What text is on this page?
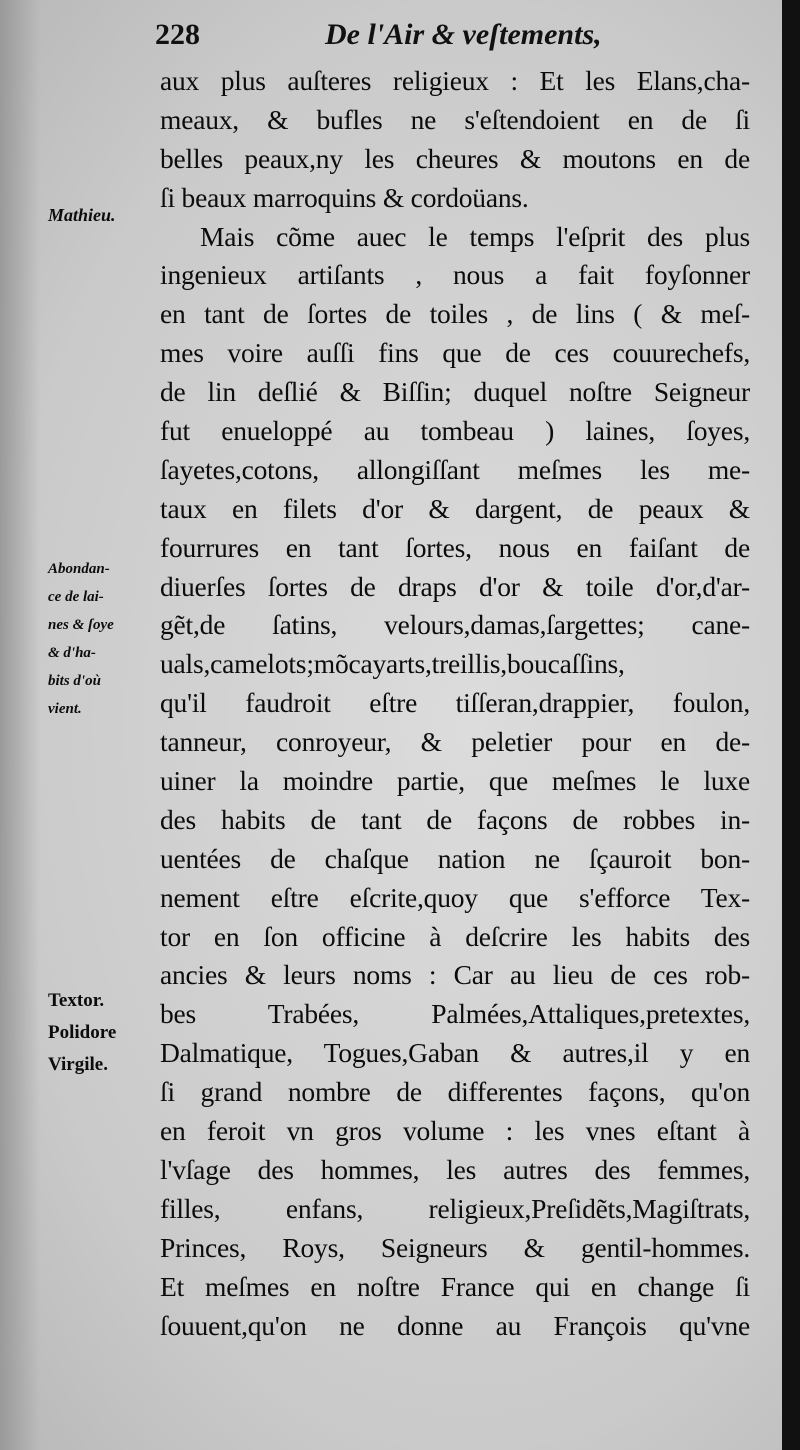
228	De l'Air & veſtements,
Mathieu.
Abondan-
ce de lai-
nes & ſoye
& d'ha-
bits d'où
vient.
Textor.
Polidore
Virgile.
aux plus auſteres religieux : Et les Elans,cha-
meaux, & bufles ne s'eſtendoient en de ſi
belles peaux,ny les cheures & moutons en de
ſi beaux marroquins & cordoüans.
Mais cõme auec le temps l'eſprit des plus
ingenieux artiſants , nous a fait foyſonner
en tant de ſortes de toiles , de lins ( & meſ-
mes voire auſſi fins que de ces couurechefs,
de lin deſlié & Biſſin; duquel noſtre Seigneur
fut enueloppé au tombeau ) laines, ſoyes,
ſayetes,cotons, allongiſſant meſmes les me-
taux en filets d'or & dargent, de peaux &
fourrures en tant ſortes, nous en faiſant de
diuerſes ſortes de draps d'or & toile d'or,d'ar-
gẽt,de ſatins, velours,damas,ſargettes; cane-
uals,camelots;mõcayarts,treillis,boucaſſins,
qu'il faudroit eſtre tiſſeran,drappier, foulon,
tanneur, conroyeur, & peletier pour en de-
uiner la moindre partie, que meſmes le luxe
des habits de tant de façons de robbes in-
uentées de chaſque nation ne ſçauroit bon-
nement eſtre eſcrite,quoy que s'efforce Tex-
tor en ſon officine à deſcrire les habits des
ancies & leurs noms : Car au lieu de ces rob-
bes Trabées, Palmées,Attaliques,pretextes,
Dalmatique, Togues,Gaban & autres,il y en
ſi grand nombre de differentes façons, qu'on
en feroit vn gros volume : les vnes eſtant à
l'vſage des hommes, les autres des femmes,
filles, enfans, religieux,Preſidẽts,Magiſtrats,
Princes, Roys, Seigneurs & gentil-hommes.
Et meſmes en noſtre France qui en change ſi
ſouuent,qu'on ne donne au François qu'vne
